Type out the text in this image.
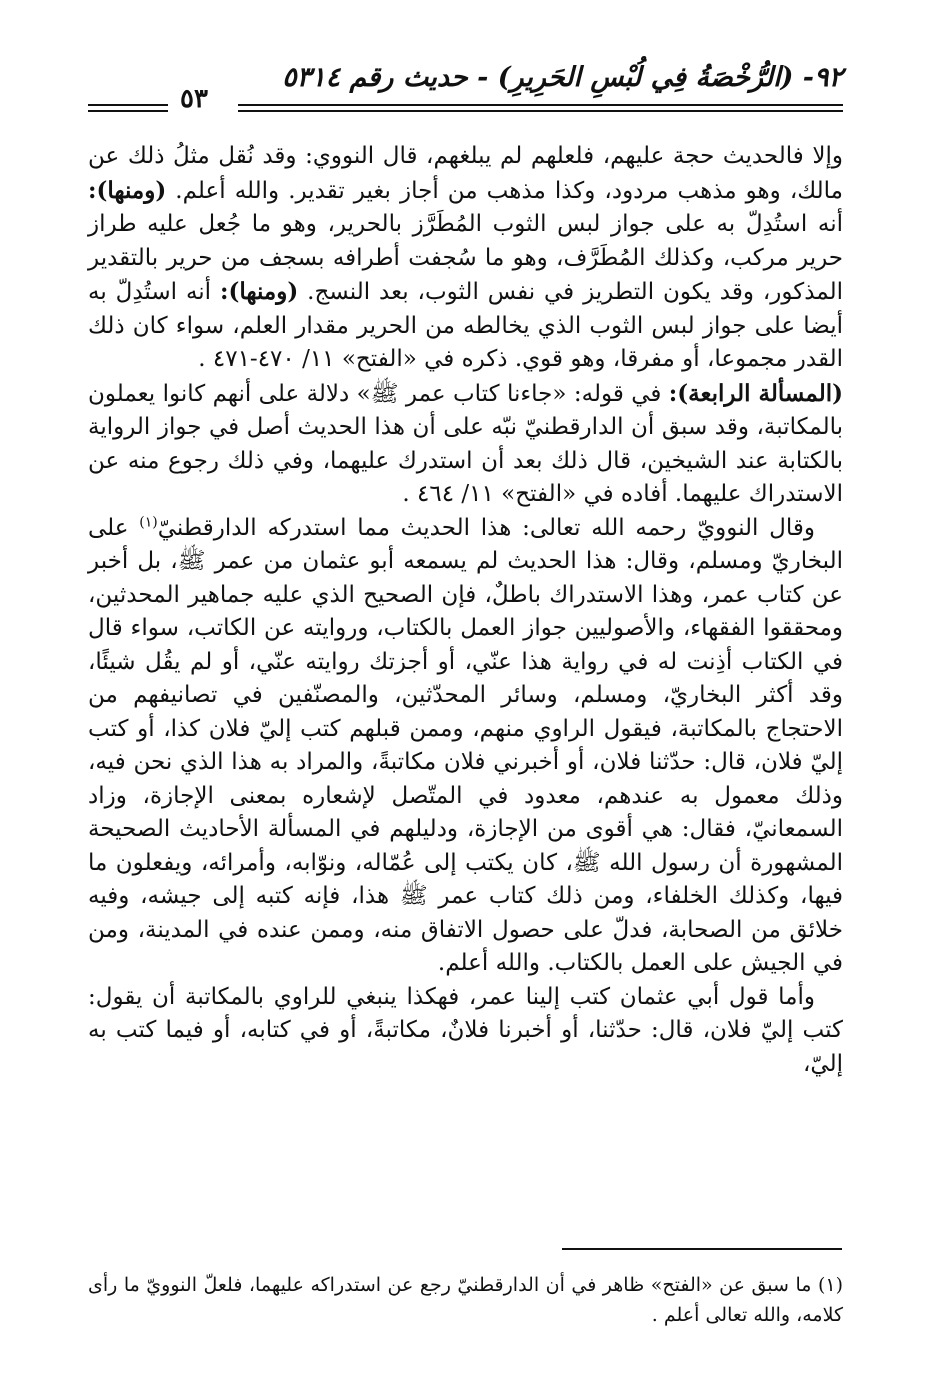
٩٢- (الرُّخْصَةُ فِي لُبْسِ الحَرِيرِ) - حديث رقم ٥٣١٤
٥٣

وإلا فالحديث حجة عليهم، فلعلهم لم يبلغهم، قال النووي: وقد نُقل مثلُ ذلك عن مالك، وهو مذهب مردود، وكذا مذهب من أجاز بغير تقدير. والله أعلم. (ومنها): أنه استُدِلّ به على جواز لبس الثوب المُطَرَّز بالحرير، وهو ما جُعل عليه طراز حرير مركب، وكذلك المُطَرَّف، وهو ما سُجفت أطرافه بسجف من حرير بالتقدير المذكور، وقد يكون التطريز في نفس الثوب، بعد النسج. (ومنها): أنه استُدِلّ به أيضا على جواز لبس الثوب الذي يخالطه من الحرير مقدار العلم، سواء كان ذلك القدر مجموعا، أو مفرقا، وهو قوي. ذكره في «الفتح» ١١/ ٤٧٠-٤٧١ .

(المسألة الرابعة): في قوله: «جاءنا كتاب عمر ﷺ» دلالة على أنهم كانوا يعملون بالمكاتبة، وقد سبق أن الدارقطنيّ نبّه على أن هذا الحديث أصل في جواز الرواية بالكتابة عند الشيخين، قال ذلك بعد أن استدرك عليهما، وفي ذلك رجوع منه عن الاستدراك عليهما. أفاده في «الفتح» ١١/ ٤٦٤ .

وقال النوويّ رحمه الله تعالى: هذا الحديث مما استدركه الدارقطنيّ$^{(١)}$ على البخاريّ ومسلم، وقال: هذا الحديث لم يسمعه أبو عثمان من عمر ﷺ، بل أخبر عن كتاب عمر، وهذا الاستدراك باطلٌ، فإن الصحيح الذي عليه جماهير المحدثين، ومحققوا الفقهاء، والأصوليين جواز العمل بالكتاب، وروايته عن الكاتب، سواء قال في الكتاب أذِنت له في رواية هذا عنّي، أو أجزتك روايته عنّي، أو لم يقُل شيئًا، وقد أكثر البخاريّ، ومسلم، وسائر المحدّثين، والمصنّفين في تصانيفهم من الاحتجاج بالمكاتبة، فيقول الراوي منهم، وممن قبلهم كتب إليّ فلان كذا، أو كتب إليّ فلان، قال: حدّثنا فلان، أو أخبرني فلان مكاتبةً، والمراد به هذا الذي نحن فيه، وذلك معمول به عندهم، معدود في المتّصل لإشعاره بمعنى الإجازة، وزاد السمعانيّ، فقال: هي أقوى من الإجازة، ودليلهم في المسألة الأحاديث الصحيحة المشهورة أن رسول الله ﷺ، كان يكتب إلى عُمّاله، ونوّابه، وأمرائه، ويفعلون ما فيها، وكذلك الخلفاء، ومن ذلك كتاب عمر ﷺ هذا، فإنه كتبه إلى جيشه، وفيه خلائق من الصحابة، فدلّ على حصول الاتفاق منه، وممن عنده في المدينة، ومن في الجيش على العمل بالكتاب. والله أعلم.

وأما قول أبي عثمان كتب إلينا عمر، فهكذا ينبغي للراوي بالمكاتبة أن يقول: كتب إليّ فلان، قال: حدّثنا، أو أخبرنا فلانٌ، مكاتبةً، أو في كتابه، أو فيما كتب به إليّ،

(١) ما سبق عن «الفتح» ظاهر في أن الدارقطنيّ رجع عن استدراكه عليهما، فلعلّ النوويّ ما رأى كلامه، والله تعالى أعلم .
